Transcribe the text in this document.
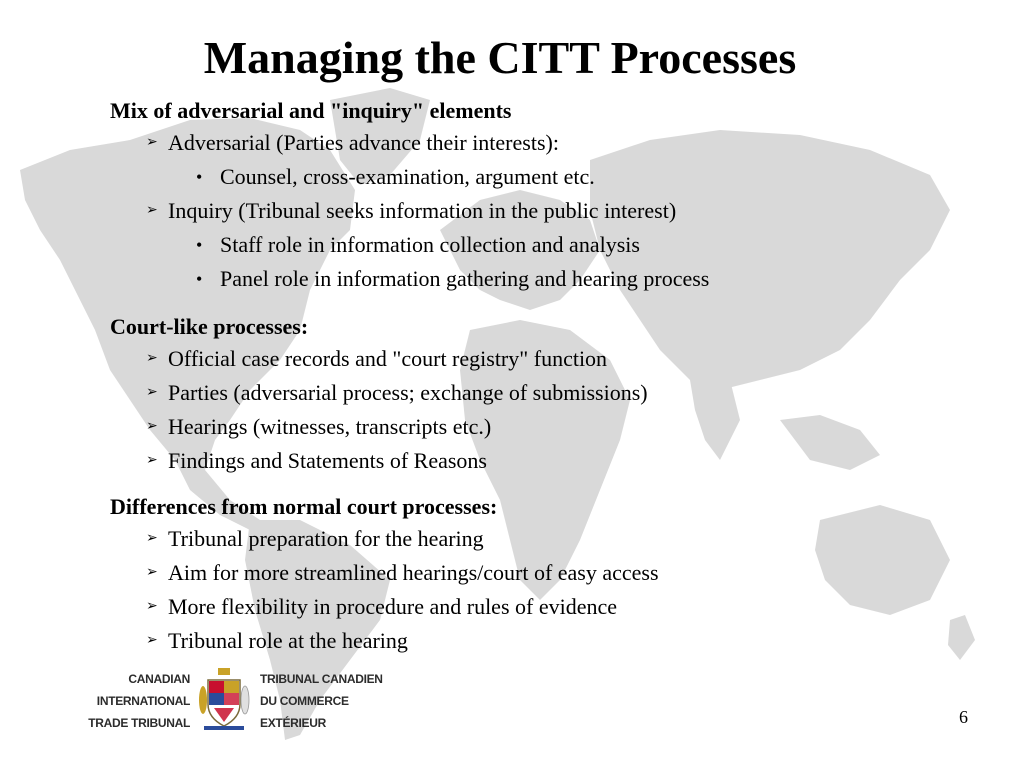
Managing the CITT Processes
Mix of adversarial and "inquiry" elements
➢ Adversarial (Parties advance their interests):
• Counsel, cross-examination, argument etc.
➢ Inquiry (Tribunal seeks information in the public interest)
• Staff role in information collection and analysis
• Panel role in information gathering and hearing process
Court-like processes:
➢ Official case records and "court registry" function
➢ Parties (adversarial process; exchange of submissions)
➢ Hearings (witnesses, transcripts etc.)
➢ Findings and Statements of Reasons
Differences from normal court processes:
➢ Tribunal preparation for the hearing
➢ Aim for more streamlined hearings/court of easy access
➢ More flexibility in procedure and rules of evidence
➢ Tribunal role at the hearing
CANADIAN
INTERNATIONAL
TRADE TRIBUNAL
TRIBUNAL CANADIEN
DU COMMERCE
EXTÉRIEUR	6
